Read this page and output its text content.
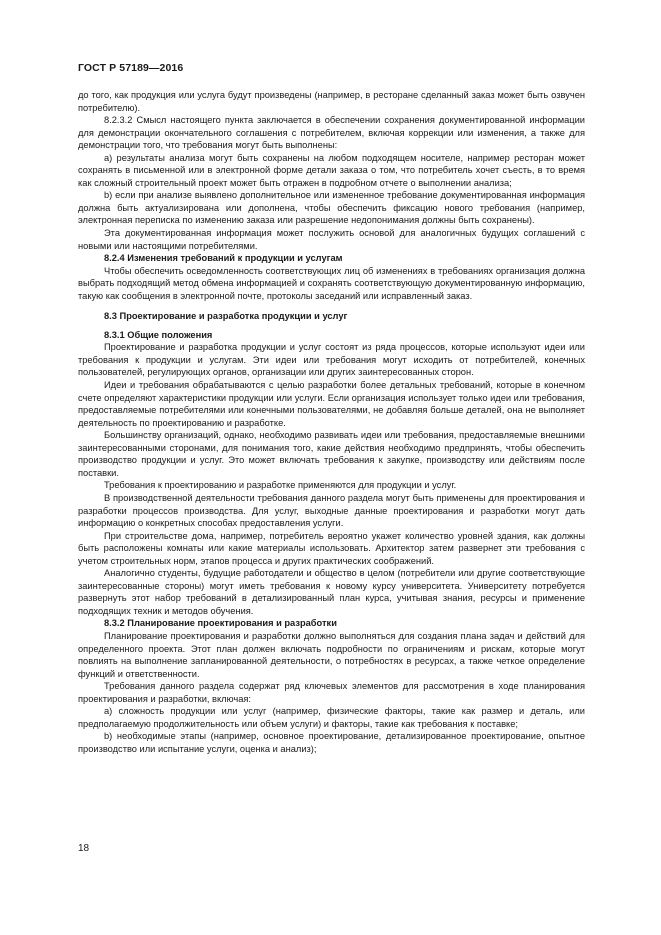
ГОСТ Р 57189—2016

до того, как продукция или услуга будут произведены (например, в ресторане сделанный заказ может быть озвучен потребителю).

8.2.3.2 Смысл настоящего пункта заключается в обеспечении сохранения документированной информации для демонстрации окончательного соглашения с потребителем, включая коррекции или изменения, а также для демонстрации того, что требования могут быть выполнены:

a) результаты анализа могут быть сохранены на любом подходящем носителе, например ресторан может сохранять в письменной или в электронной форме детали заказа о том, что потребитель хочет съесть, в то время как сложный строительный проект может быть отражен в подробном отчете о выполнении анализа;

b) если при анализе выявлено дополнительное или измененное требование документированная информация должна быть актуализирована или дополнена, чтобы обеспечить фиксацию нового требования (например, электронная переписка по изменению заказа или разрешение недопонимания должны быть сохранены).

Эта документированная информация может послужить основой для аналогичных будущих соглашений с новыми или настоящими потребителями.

8.2.4 Изменения требований к продукции и услугам

Чтобы обеспечить осведомленность соответствующих лиц об изменениях в требованиях организация должна выбрать подходящий метод обмена информацией и сохранять соответствующую документированную информацию, такую как сообщения в электронной почте, протоколы заседаний или исправленный заказ.

8.3 Проектирование и разработка продукции и услуг
8.3.1 Общие положения

Проектирование и разработка продукции и услуг состоят из ряда процессов, которые используют идеи или требования к продукции и услугам. Эти идеи или требования могут исходить от потребителей, конечных пользователей, регулирующих органов, организации или других заинтересованных сторон.

Идеи и требования обрабатываются с целью разработки более детальных требований, которые в конечном счете определяют характеристики продукции или услуги. Если организация использует только идеи или требования, предоставляемые потребителями или конечными пользователями, не добавляя больше деталей, она не выполняет деятельность по проектированию и разработке.

Большинству организаций, однако, необходимо развивать идеи или требования, предоставляемые внешними заинтересованными сторонами, для понимания того, какие действия необходимо предпринять, чтобы обеспечить производство продукции и услуг. Это может включать требования к закупке, производству или действиям после поставки.

Требования к проектированию и разработке применяются для продукции и услуг.

В производственной деятельности требования данного раздела могут быть применены для проектирования и разработки процессов производства. Для услуг, выходные данные проектирования и разработки могут дать информацию о конкретных способах предоставления услуги.

При строительстве дома, например, потребитель вероятно укажет количество уровней здания, как должны быть расположены комнаты или какие материалы использовать. Архитектор затем развернет эти требования с учетом строительных норм, этапов процесса и других практических соображений.

Аналогично студенты, будущие работодатели и общество в целом (потребители или другие соответствующие заинтересованные стороны) могут иметь требования к новому курсу университета. Университету потребуется развернуть этот набор требований в детализированный план курса, учитывая знания, ресурсы и применение подходящих техник и методов обучения.

8.3.2 Планирование проектирования и разработки

Планирование проектирования и разработки должно выполняться для создания плана задач и действий для определенного проекта. Этот план должен включать подробности по ограничениям и рискам, которые могут повлиять на выполнение запланированной деятельности, о потребностях в ресурсах, а также четкое определение функций и ответственности.

Требования данного раздела содержат ряд ключевых элементов для рассмотрения в ходе планирования проектирования и разработки, включая:

a) сложность продукции или услуг (например, физические факторы, такие как размер и деталь, или предполагаемую продолжительность или объем услуги) и факторы, такие как требования к поставке;

b) необходимые этапы (например, основное проектирование, детализированное проектирование, опытное производство или испытание услуги, оценка и анализ);

18
